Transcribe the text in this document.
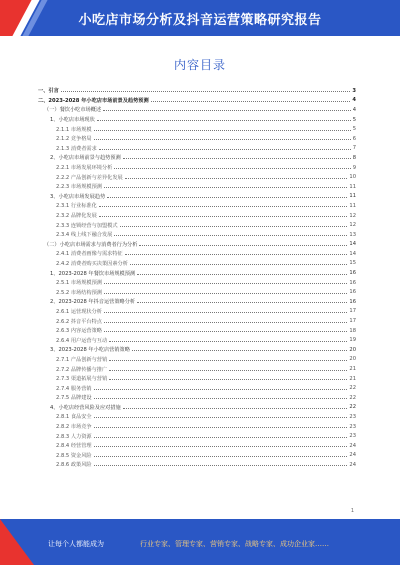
小吃店市场分析及抖音运营策略研究报告
内容目录
一、引言	3
二、2023-2028 年小吃店市场前景及趋势预测	4
（一）餐饮小吃市场概述	4
1、小吃店市场现状	5
2.1.1 市场规模	5
2.1.2 竞争格局	6
2.1.3 消费者需求	7
2、小吃店市场前景与趋势预测	8
2.2.1 市场发展环境分析	9
2.2.2 产品创新与差异化发展	10
2.2.3 市场规模预测	11
3、小吃店市场发展趋势	11
2.3.1 行业标准化	11
2.3.2 品牌化发展	12
2.3.3 连锁经营与加盟模式	12
2.3.4 线上线下融合发展	13
（二）小吃店市场需求与消费者行为分析	14
2.4.1 消费者画像与需求特征	14
2.4.2 消费者购买决策因素分析	15
1、2023-2028 年餐饮市场规模预测	16
2.5.1 市场规模预测	16
2.5.2 市场结构预测	16
2、2023-2028 年抖音运营策略分析	16
2.6.1 运营现状分析	17
2.6.2 抖音平台特点	17
2.6.3 内容运营策略	18
2.6.4 用户运营与互动	19
3、2023-2028 年小吃店营销策略	20
2.7.1 产品创新与营销	20
2.7.2 品牌传播与推广	21
2.7.3 渠道拓展与营销	21
2.7.4 服务营销	22
2.7.5 品牌建设	22
4、小吃店经营风险及应对措施	22
2.8.1 食品安全	23
2.8.2 市场竞争	23
2.8.3 人力资源	23
2.8.4 经营管理	24
2.8.5 资金风险	24
2.8.6 政策风险	24
1
让每个人都能成为	行业专家、管理专家、营销专家、战略专家、成功企业家……
